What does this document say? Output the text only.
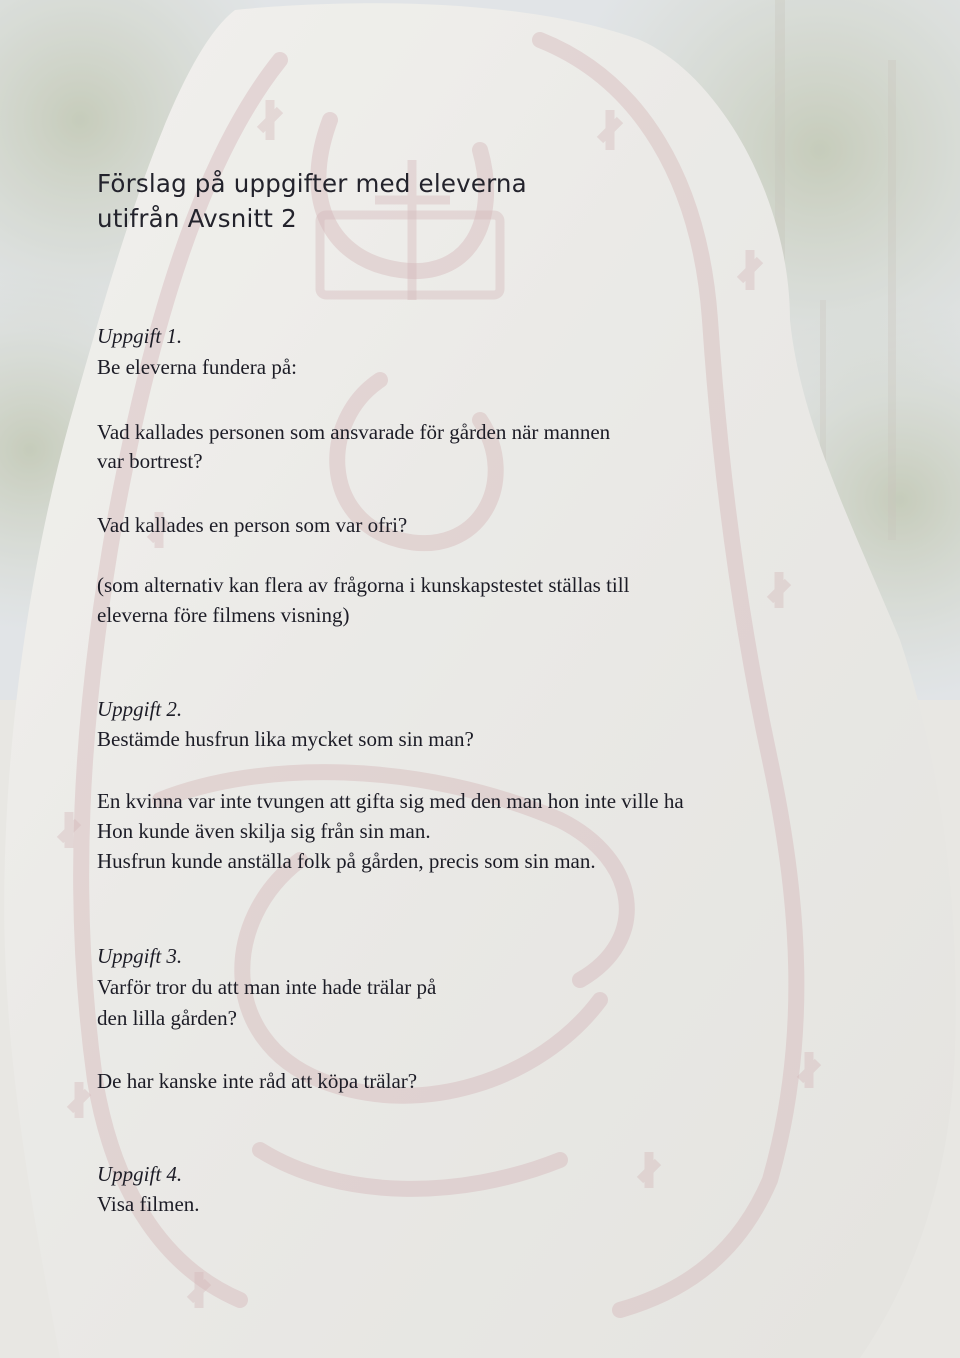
Förslag på uppgifter med eleverna
utifrån Avsnitt 2
Uppgift 1.
Be eleverna fundera på:
Vad kallades personen som ansvarade för gården när mannen
var bortrest?
Vad kallades en person som var ofri?
(som alternativ kan flera av frågorna i kunskapstestet ställas till
eleverna före filmens visning)
Uppgift 2.
Bestämde husfrun lika mycket som sin man?
En kvinna var inte tvungen att gifta sig med den man hon inte ville ha
Hon kunde även skilja sig från sin man.
Husfrun kunde anställa folk på gården, precis som sin man.
Uppgift 3.
Varför tror du att man inte hade trälar på
den lilla gården?
De har kanske inte råd att köpa trälar?
Uppgift 4.
Visa filmen.
